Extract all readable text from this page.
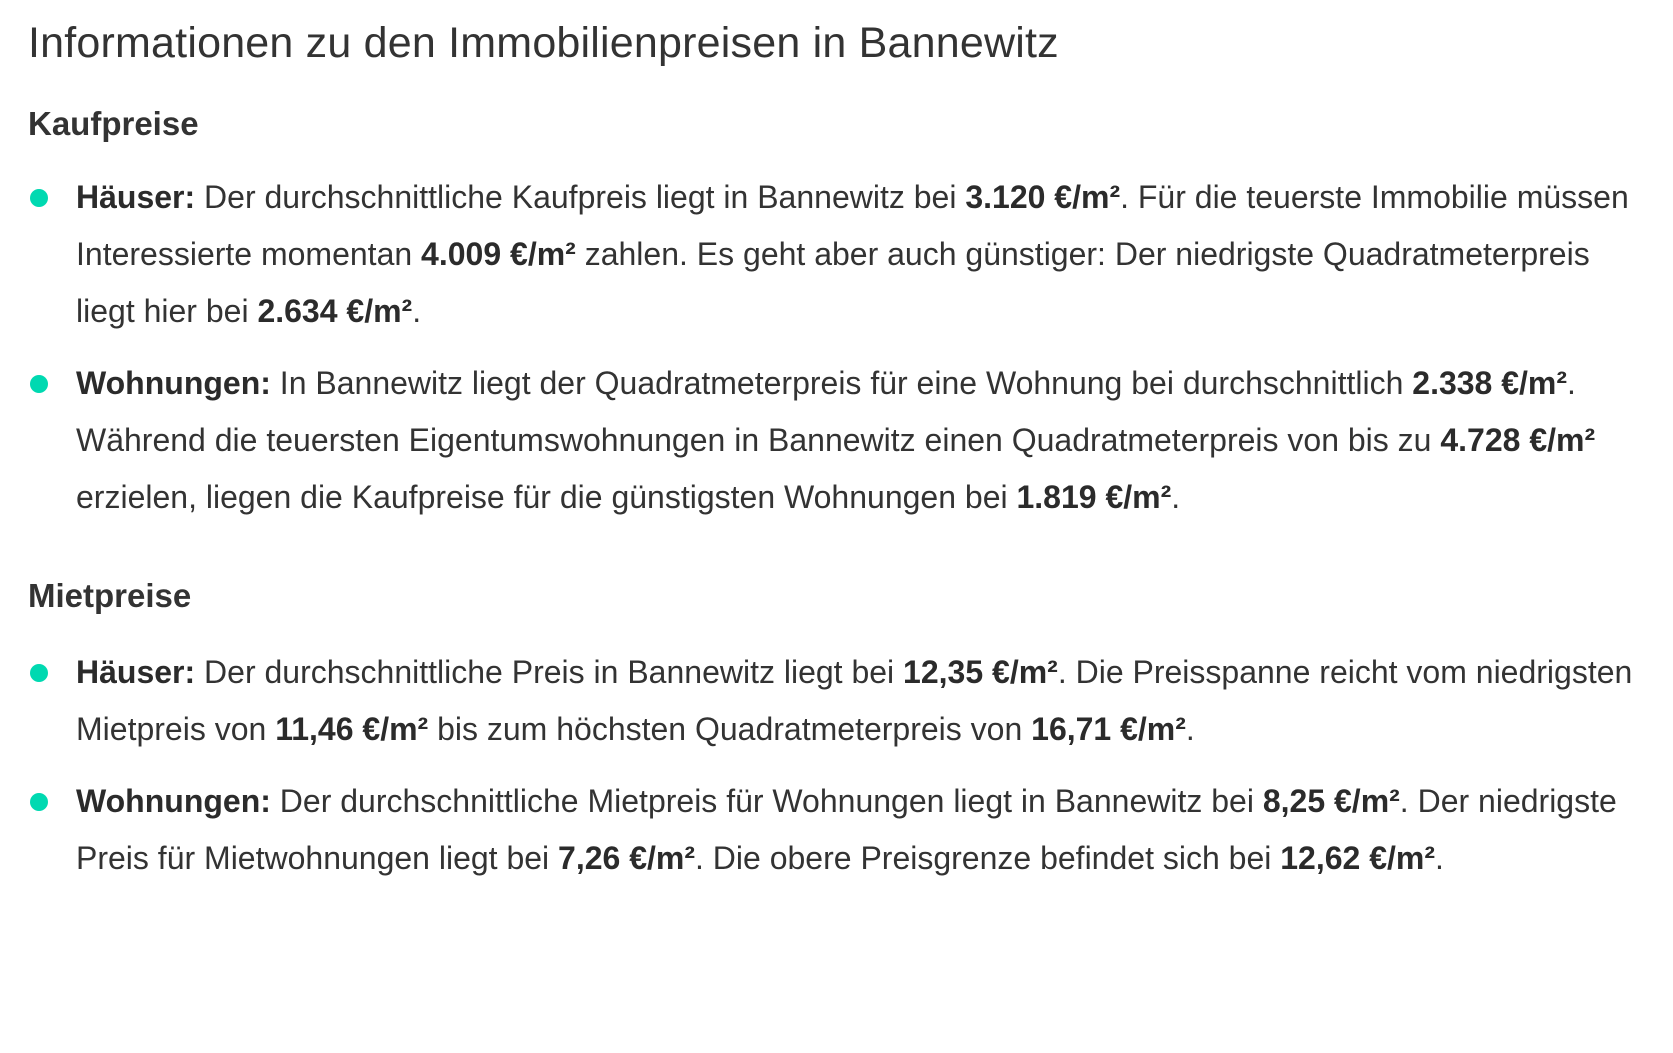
Informationen zu den Immobilienpreisen in Bannewitz
Kaufpreise
Häuser: Der durchschnittliche Kaufpreis liegt in Bannewitz bei 3.120 €/m². Für die teuerste Immobilie müssen Interessierte momentan 4.009 €/m² zahlen. Es geht aber auch günstiger: Der niedrigste Quadratmeterpreis liegt hier bei 2.634 €/m².
Wohnungen: In Bannewitz liegt der Quadratmeterpreis für eine Wohnung bei durchschnittlich 2.338 €/m². Während die teuersten Eigentumswohnungen in Bannewitz einen Quadratmeterpreis von bis zu 4.728 €/m² erzielen, liegen die Kaufpreise für die günstigsten Wohnungen bei 1.819 €/m².
Mietpreise
Häuser: Der durchschnittliche Preis in Bannewitz liegt bei 12,35 €/m². Die Preisspanne reicht vom niedrigsten Mietpreis von 11,46 €/m² bis zum höchsten Quadratmeterpreis von 16,71 €/m².
Wohnungen: Der durchschnittliche Mietpreis für Wohnungen liegt in Bannewitz bei 8,25 €/m². Der niedrigste Preis für Mietwohnungen liegt bei 7,26 €/m². Die obere Preisgrenze befindet sich bei 12,62 €/m².
